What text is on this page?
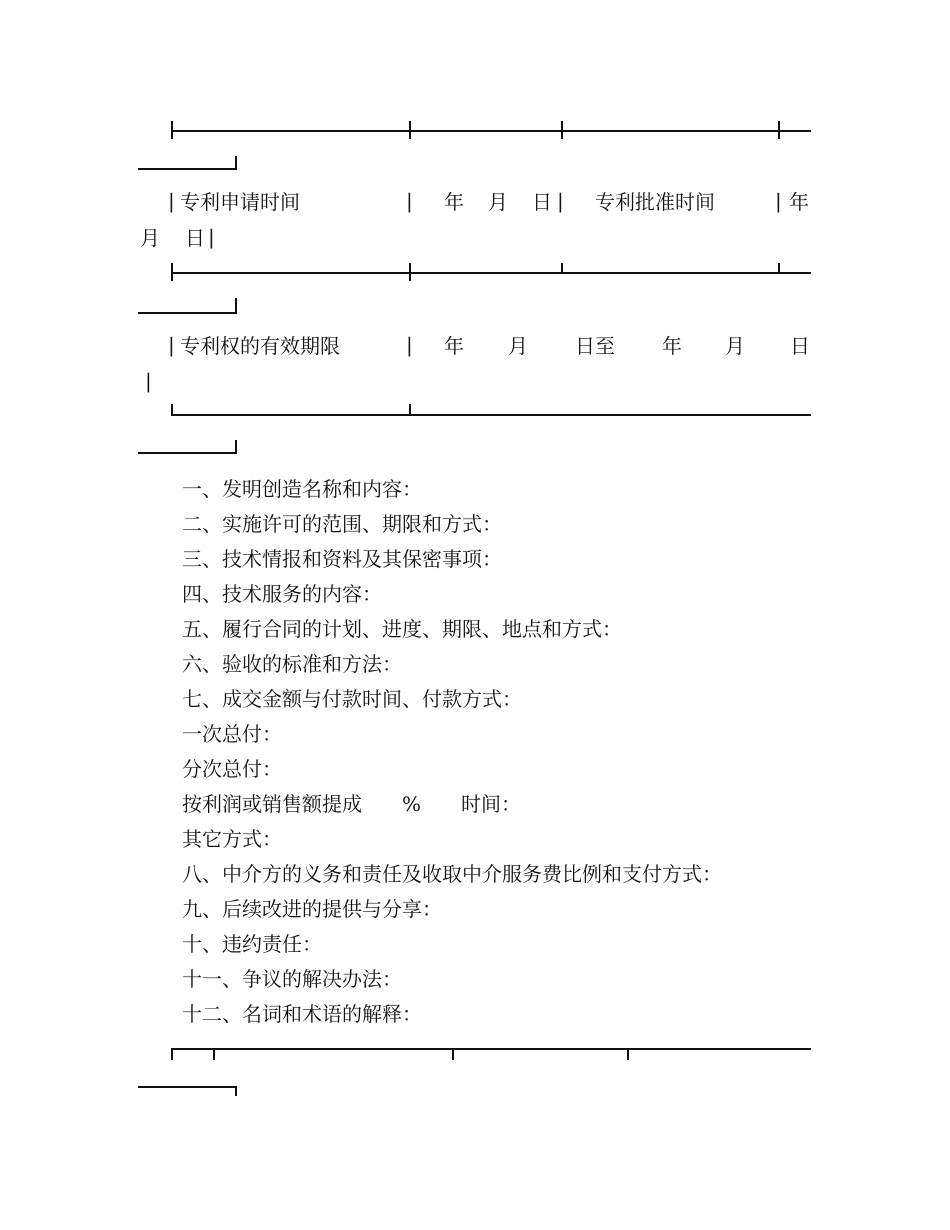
| 专利申请时间	| 年 月 日 | 专利批准时间	| 年
月 日 |
| 专利权的有效期限	| 年 月 日至 年 月 日
|
一、发明创造名称和内容：
二、实施许可的范围、期限和方式：
三、技术情报和资料及其保密事项：
四、技术服务的内容：
五、履行合同的计划、进度、期限、地点和方式：
六、验收的标准和方法：
七、成交金额与付款时间、付款方式：
一次总付：
分次总付：
按利润或销售额提成　　%　　时间：
其它方式：
八、中介方的义务和责任及收取中介服务费比例和支付方式：
九、后续改进的提供与分享：
十、违约责任：
十一、争议的解决办法：
十二、名词和术语的解释：
